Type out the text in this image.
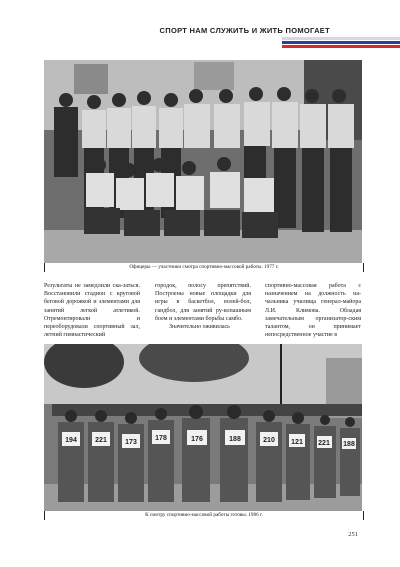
СПОРТ НАМ СЛУЖИТЬ И ЖИТЬ ПОМОГАЕТ
Офицеры — участники смотра спортивно-массовой работы. 1977 г.

Результаты не замедлили ска-заться. Восстановили стадион с круговой беговой дорожкой и элементами для занятий легкой атлетикой. Отремонтировали и переоборудовали спортивный зал, летний гимнастический

городок, полосу препятствий. Построены новые площадки для игры в баскетбол, волей-бол, гандбол, для занятий ру-копашным боем и элементами борьбы самбо.

Значительно оживилась

спортивно-массовая работа с назначением на должность на-чальника училища генерал-майора Л.И. Климова. Обладая замечательным организатор-ским талантом, он принимает непосредственное участие в

194	221	173
178	176	188	210 121 221 188
К смотру спортивно-массовой работы готовы. 1986 г.
251
